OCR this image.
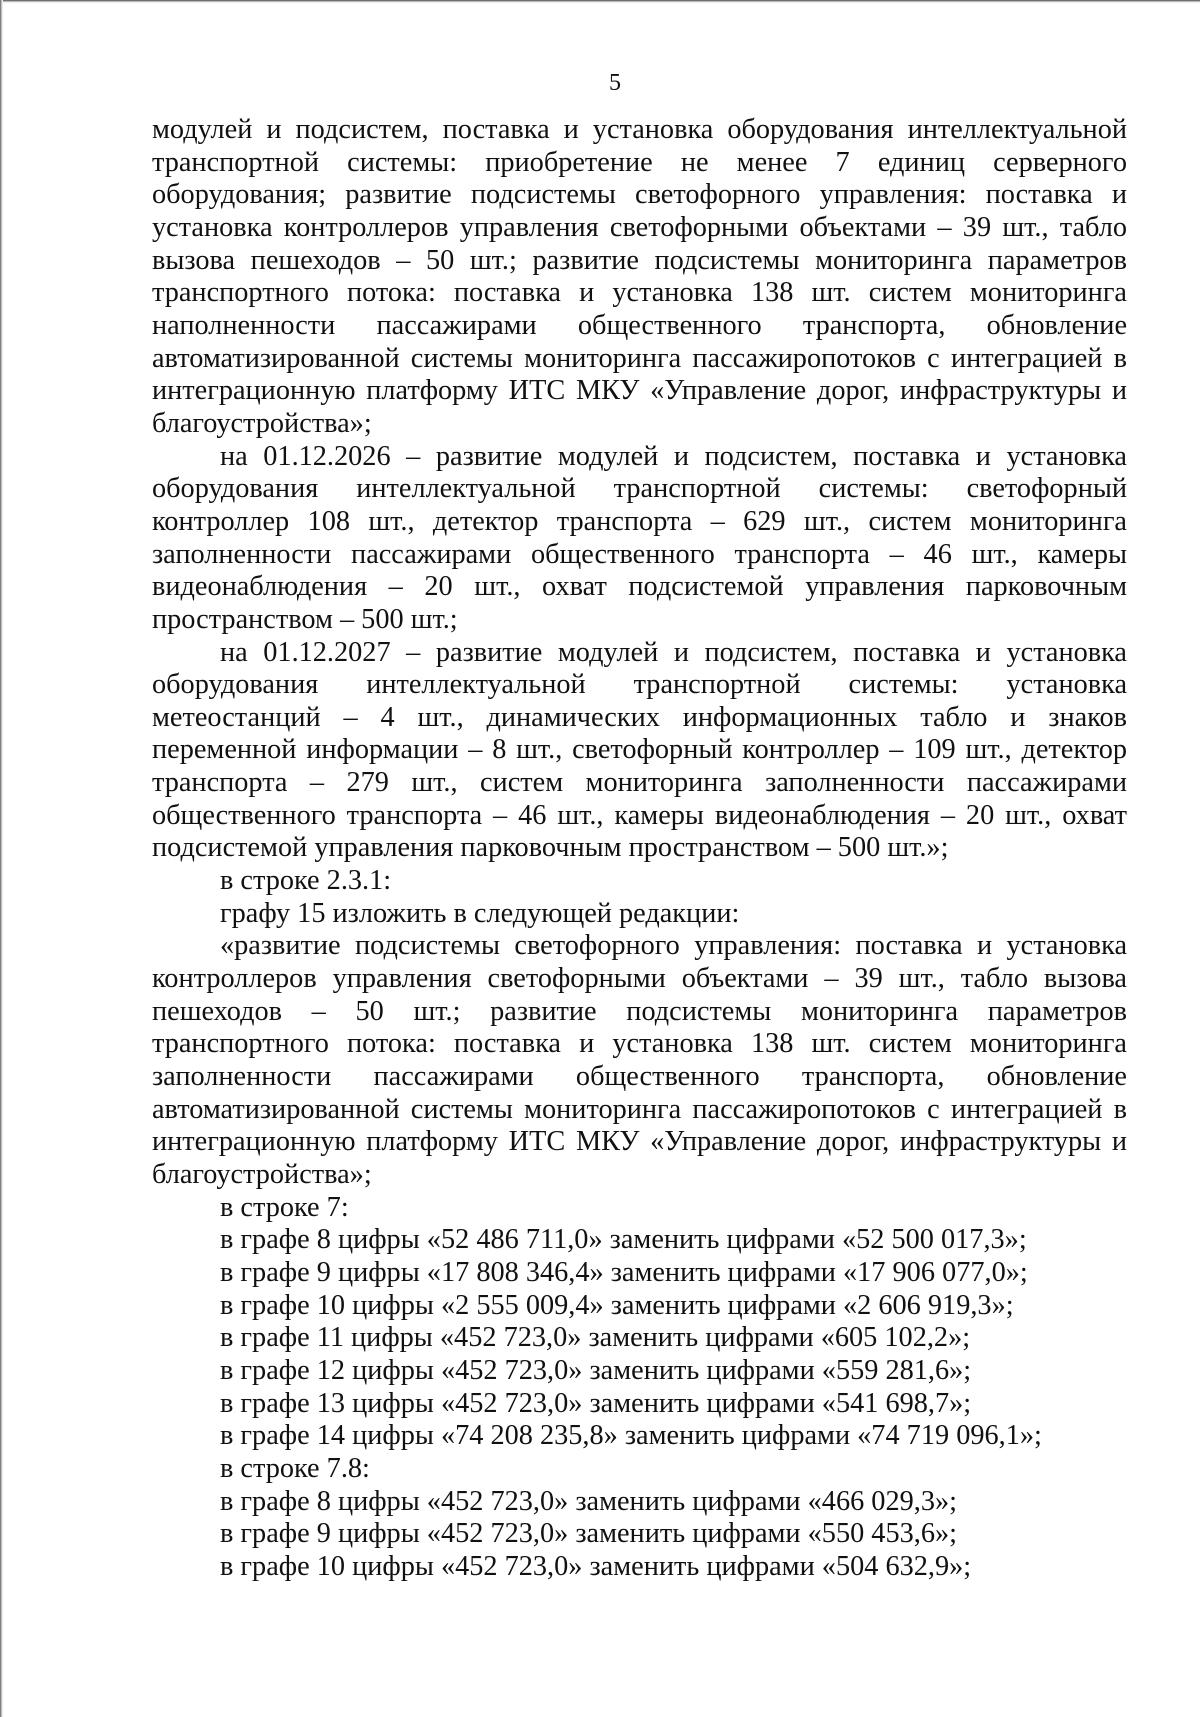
5

модулей и подсистем, поставка и установка оборудования интеллектуальной транспортной системы: приобретение не менее 7 единиц серверного оборудования; развитие подсистемы светофорного управления: поставка и установка контроллеров управления светофорными объектами – 39 шт., табло вызова пешеходов – 50 шт.; развитие подсистемы мониторинга параметров транспортного потока: поставка и установка 138 шт. систем мониторинга наполненности пассажирами общественного транспорта, обновление автоматизированной системы мониторинга пассажиропотоков с интеграцией в интеграционную платформу ИТС МКУ «Управление дорог, инфраструктуры и благоустройства»;

на 01.12.2026 – развитие модулей и подсистем, поставка и установка оборудования интеллектуальной транспортной системы: светофорный контроллер 108 шт., детектор транспорта – 629 шт., систем мониторинга заполненности пассажирами общественного транспорта – 46 шт., камеры видеонаблюдения – 20 шт., охват подсистемой управления парковочным пространством – 500 шт.;

на 01.12.2027 – развитие модулей и подсистем, поставка и установка оборудования интеллектуальной транспортной системы: установка метеостанций – 4 шт., динамических информационных табло и знаков переменной информации – 8 шт., светофорный контроллер – 109 шт., детектор транспорта – 279 шт., систем мониторинга заполненности пассажирами общественного транспорта – 46 шт., камеры видеонаблюдения – 20 шт., охват подсистемой управления парковочным пространством – 500 шт.»;

в строке 2.3.1:

графу 15 изложить в следующей редакции:

«развитие подсистемы светофорного управления: поставка и установка контроллеров управления светофорными объектами – 39 шт., табло вызова пешеходов – 50 шт.; развитие подсистемы мониторинга параметров транспортного потока: поставка и установка 138 шт. систем мониторинга заполненности пассажирами общественного транспорта, обновление автоматизированной системы мониторинга пассажиропотоков с интеграцией в интеграционную платформу ИТС МКУ «Управление дорог, инфраструктуры и благоустройства»;

в строке 7:

в графе 8 цифры «52 486 711,0» заменить цифрами «52 500 017,3»;

в графе 9 цифры «17 808 346,4» заменить цифрами «17 906 077,0»;

в графе 10 цифры «2 555 009,4» заменить цифрами «2 606 919,3»;

в графе 11 цифры «452 723,0» заменить цифрами «605 102,2»;

в графе 12 цифры «452 723,0» заменить цифрами «559 281,6»;

в графе 13 цифры «452 723,0» заменить цифрами «541 698,7»;

в графе 14 цифры «74 208 235,8» заменить цифрами «74 719 096,1»;

в строке 7.8:

в графе 8 цифры «452 723,0» заменить цифрами «466 029,3»;

в графе 9 цифры «452 723,0» заменить цифрами «550 453,6»;

в графе 10 цифры «452 723,0» заменить цифрами «504 632,9»;
